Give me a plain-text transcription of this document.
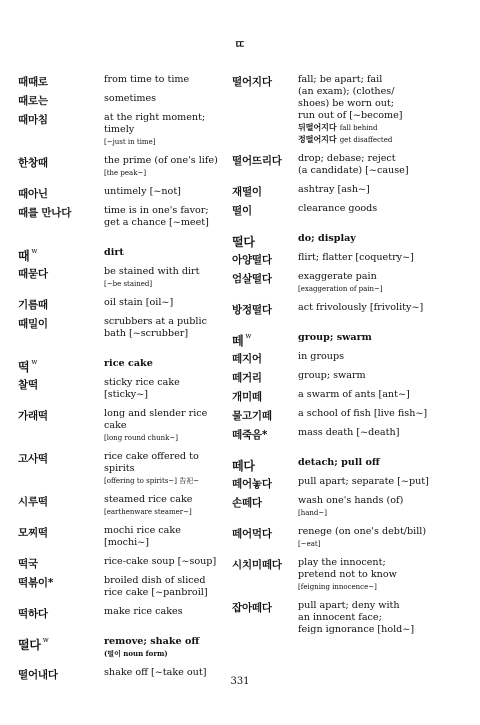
ㄸ
때때로	from time to time
때로는	sometimes
때마침	at the right moment; timely
[~just in time]
한창때	the prime (of one's life)
[the peak~]
때아닌	untimely [~not]
때를 만나다	time is in one's favor;
get a chance [~meet]
때 $^w$	dirt
때묻다	be stained with dirt
[~be stained]
기름때	oil stain [oil~]
때밀이	scrubbers at a public
bath [~scrubber]
떡 $^w$	rice cake
찰떡	sticky rice cake [sticky~]
가래떡	long and slender rice cake
[long round chunk~]
고사떡	rice cake offered to spirits
[offering to spirits~] 告祀~
시루떡	steamed rice cake
[earthenware steamer~]
모찌떡	mochi rice cake [mochi~]
떡국	rice-cake soup [~soup]
떡볶이*	broiled dish of sliced
rice cake [~panbroil]
떡하다	make rice cakes
떨다 $^w$	remove; shake off
(떨이 noun form)
떨어내다	shake off [~take out]
떨어지다	fall; be apart; fail
(an exam); (clothes/
shoes) be worn out;
run out of [~become]
뒤떨어지다 fall behind
정떨어지다 get disaffected
떨어뜨리다 drop; debase; reject
(a candidate) [~cause]
재떨이	ashtray [ash~]
떨이	clearance goods
떨다	do; display
아양떨다	flirt; flatter [coquetry~]
엄살떨다	exaggerate pain
[exaggeration of pain~]
방정떨다	act frivolously [frivolity~]
떼 $^w$	group; swarm
떼지어	in groups
떼거리	group; swarm
개미떼	a swarm of ants [ant~]
물고기떼	a school of fish [live fish~]
떼죽음*	mass death [~death]
떼다	detach; pull off
떼어놓다	pull apart; separate [~put]
손떼다	wash one's hands (of)
[hand~]
떼어먹다	renege (on one's debt/bill)
[~eat]
시치미떼다 play the innocent;
pretend not to know
[feigning innocence~]
잡아떼다	pull apart; deny with
an innocent face;
feign ignorance [hold~]
331
